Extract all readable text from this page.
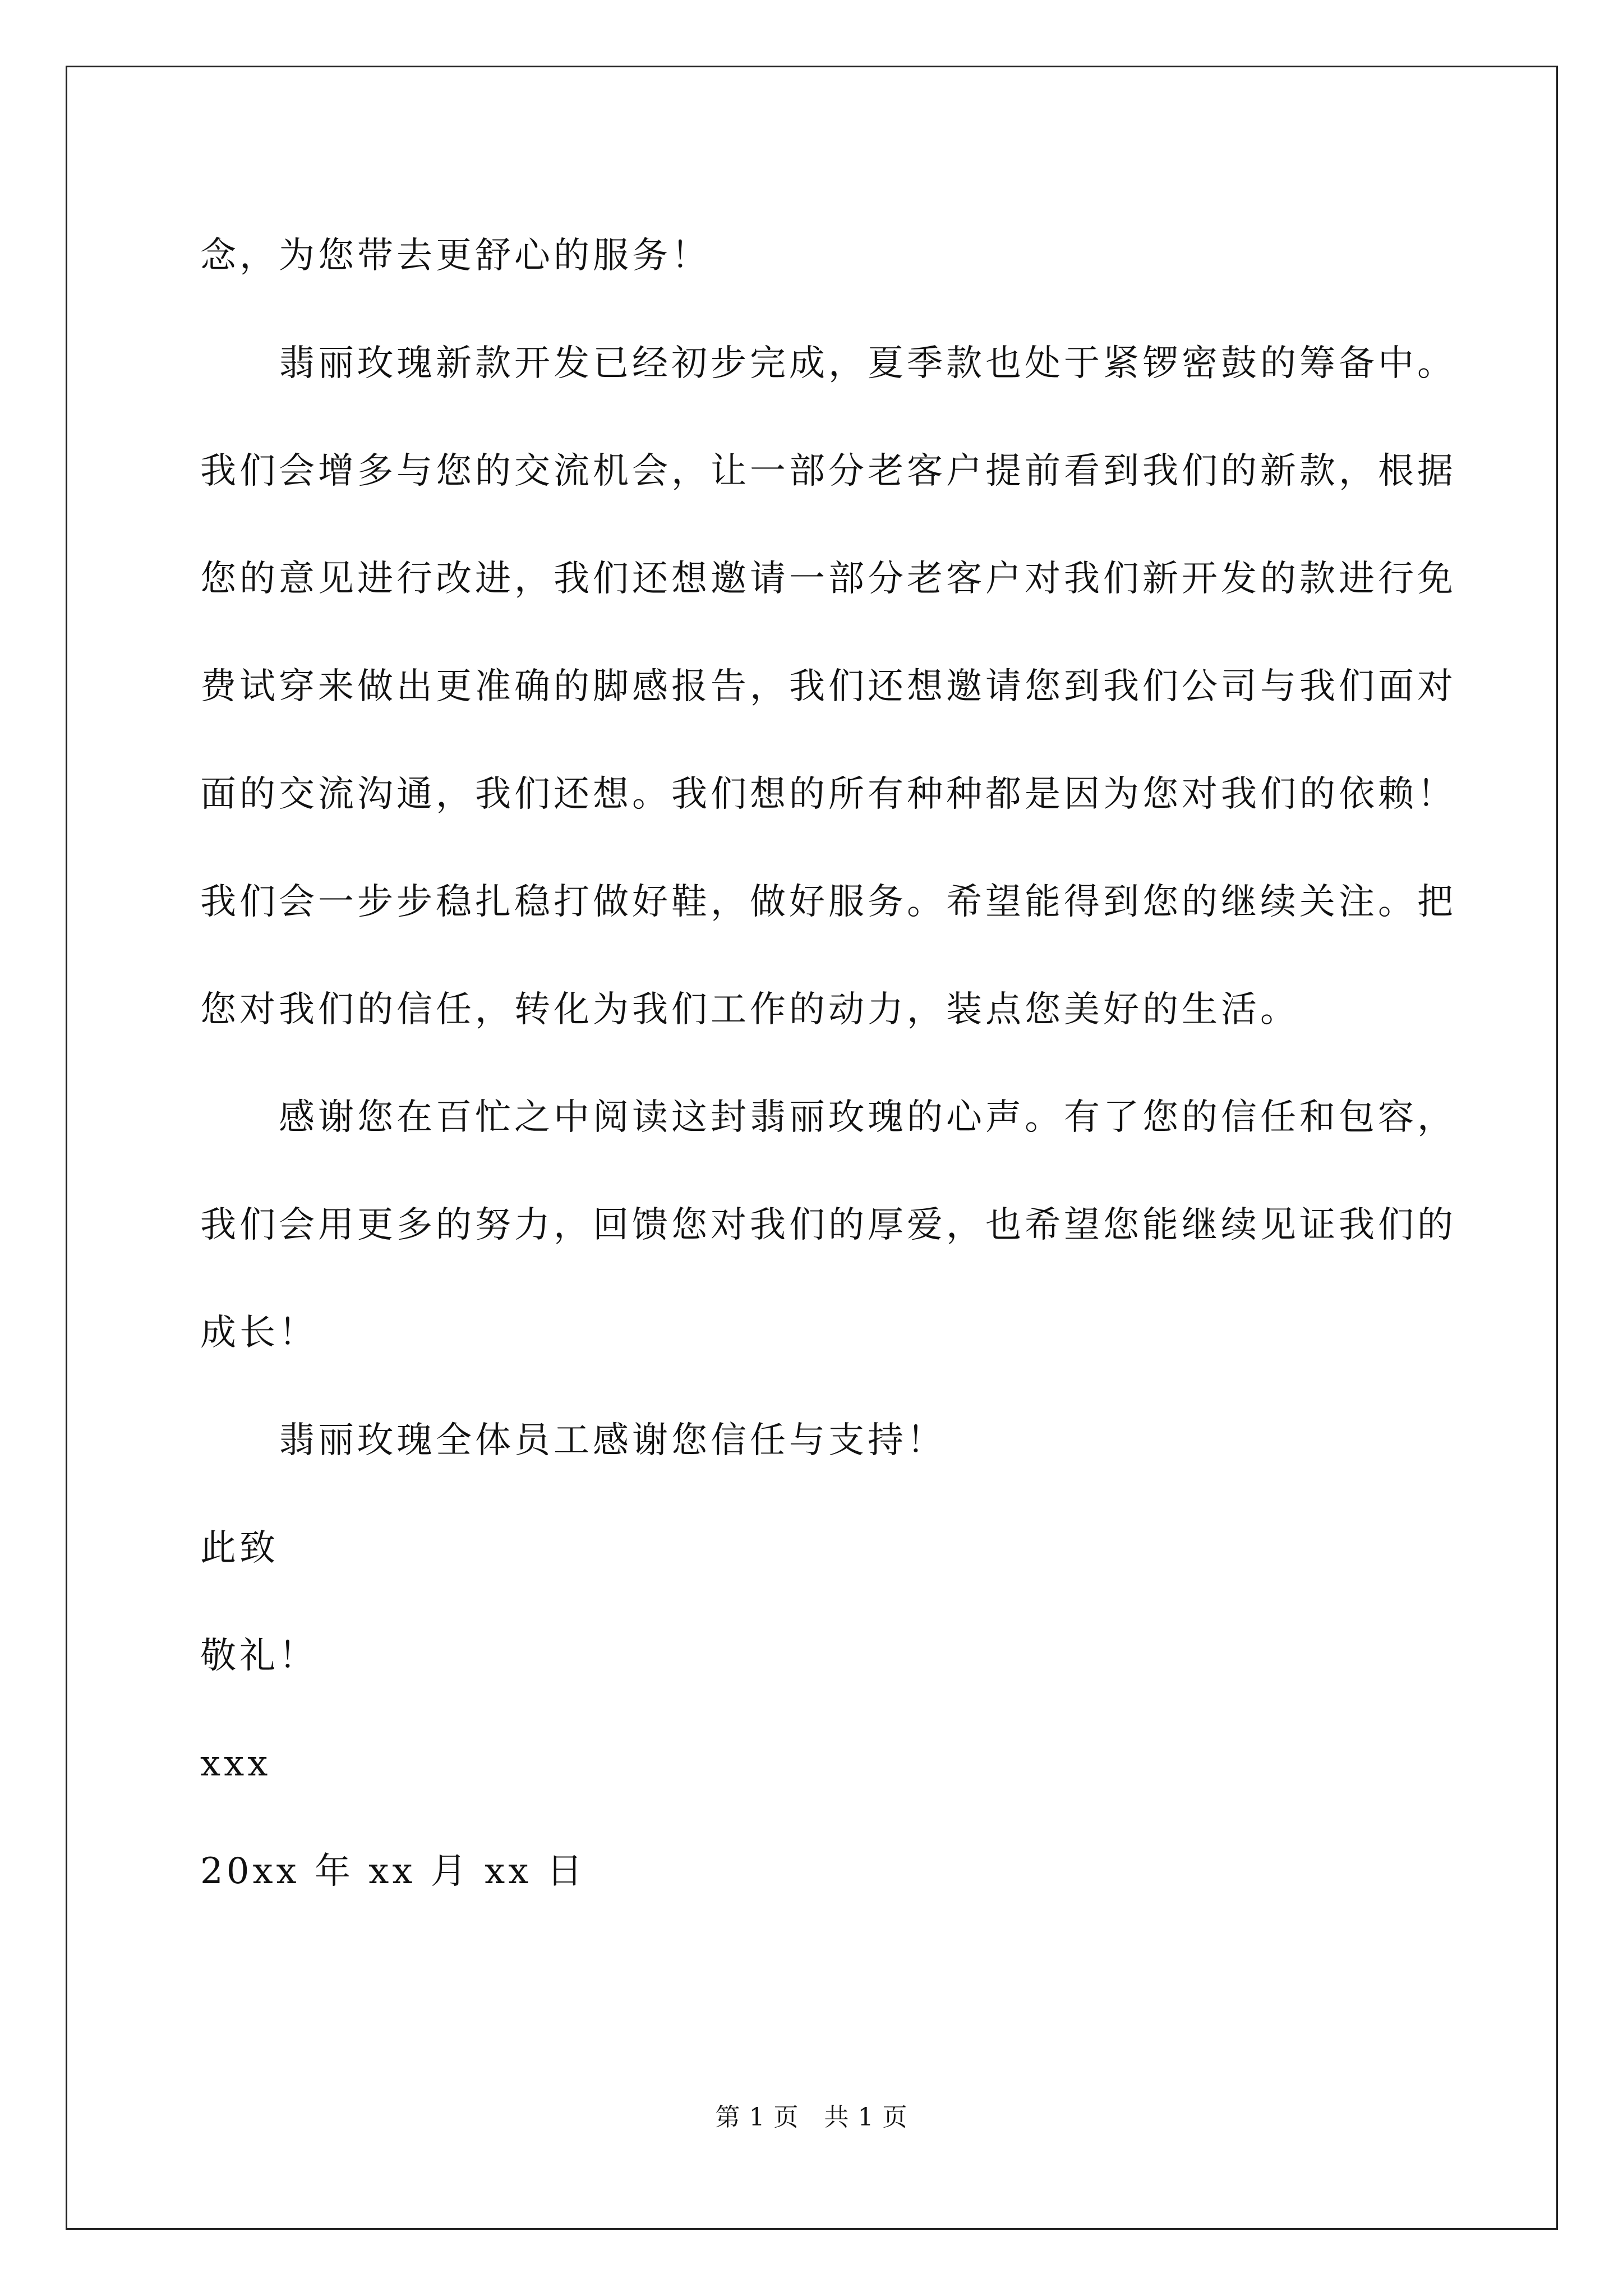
念，为您带去更舒心的服务！

翡丽玫瑰新款开发已经初步完成，夏季款也处于紧锣密鼓的筹备中。我们会增多与您的交流机会，让一部分老客户提前看到我们的新款，根据您的意见进行改进，我们还想邀请一部分老客户对我们新开发的款进行免费试穿来做出更准确的脚感报告，我们还想邀请您到我们公司与我们面对面的交流沟通，我们还想。我们想的所有种种都是因为您对我们的依赖！我们会一步步稳扎稳打做好鞋，做好服务。希望能得到您的继续关注。把您对我们的信任，转化为我们工作的动力，装点您美好的生活。

感谢您在百忙之中阅读这封翡丽玫瑰的心声。有了您的信任和包容，我们会用更多的努力，回馈您对我们的厚爱，也希望您能继续见证我们的成长！

翡丽玫瑰全体员工感谢您信任与支持！

此致

敬礼！

xxx

20xx 年 xx 月 xx 日

第 1 页　共 1 页
